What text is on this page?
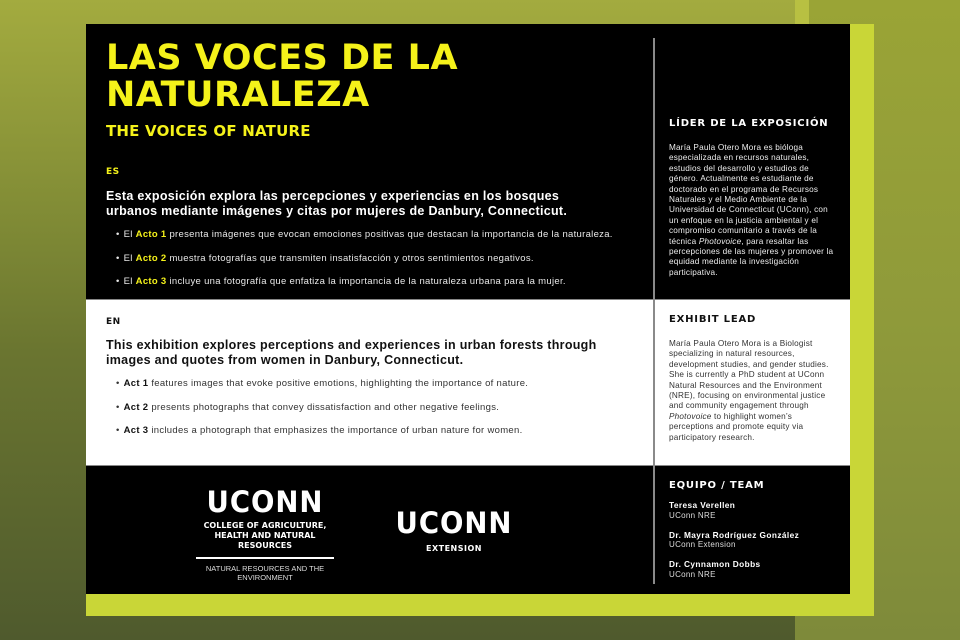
LAS VOCES DE LA NATURALEZA
THE VOICES OF NATURE
ES
Esta exposición explora las percepciones y experiencias en los bosques urbanos mediante imágenes y citas por mujeres de Danbury, Connecticut.
• El Acto 1 presenta imágenes que evocan emociones positivas que destacan la importancia de la naturaleza.
• El Acto 2 muestra fotografías que transmiten insatisfacción y otros sentimientos negativos.
• El Acto 3 incluye una fotografía que enfatiza la importancia de la naturaleza urbana para la mujer.
EN
This exhibition explores perceptions and experiences in urban forests through images and quotes from women in Danbury, Connecticut.
• Act 1 features images that evoke positive emotions, highlighting the importance of nature.
• Act 2 presents photographs that convey dissatisfaction and other negative feelings.
• Act 3 includes a photograph that emphasizes the importance of urban nature for women.
LÍDER DE LA EXPOSICIÓN

María Paula Otero Mora es bióloga especializada en recursos naturales, estudios del desarrollo y estudios de género. Actualmente es estudiante de doctorado en el programa de Recursos Naturales y el Medio Ambiente de la Universidad de Connecticut (UConn), con un enfoque en la justicia ambiental y el compromiso comunitario a través de la técnica Photovoice, para resaltar las percepciones de las mujeres y promover la equidad mediante la investigación participativa.

EXHIBIT LEAD

María Paula Otero Mora is a Biologist specializing in natural resources, development studies, and gender studies. She is currently a PhD student at UConn Natural Resources and the Environment (NRE), focusing on environmental justice and community engagement through Photovoice to highlight women’s perceptions and promote equity via participatory research.

EQUIPO / TEAM
Teresa Verellen
UConn NRE
Dr. Mayra Rodríguez González
UConn Extension
Dr. Cynnamon Dobbs
UConn NRE
UCONN
COLLEGE OF AGRICULTURE, HEALTH AND NATURAL RESOURCES
NATURAL RESOURCES AND THE ENVIRONMENT
UCONN
EXTENSION
